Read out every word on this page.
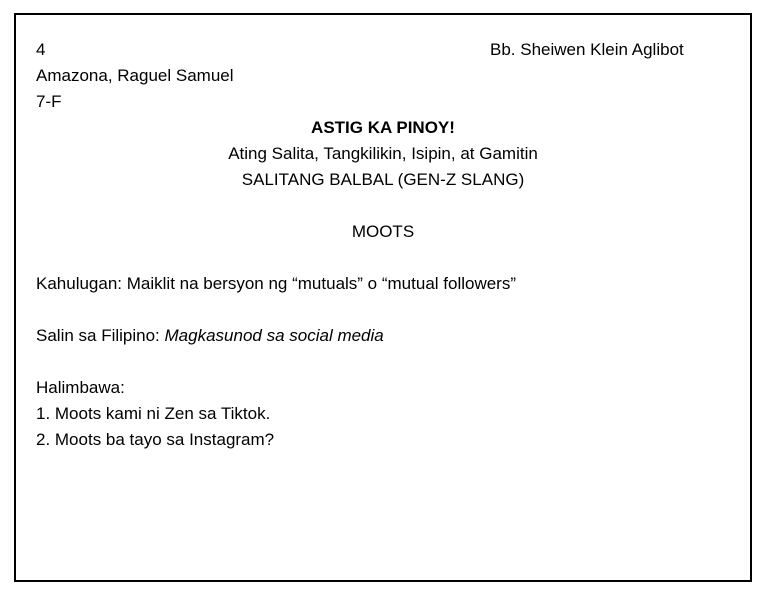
4	Bb. Sheiwen Klein Aglibot
Amazona, Raguel Samuel
7-F
ASTIG KA PINOY!
Ating Salita, Tangkilikin, Isipin, at Gamitin
SALITANG BALBAL (GEN-Z SLANG)
MOOTS
Kahulugan: Maiklit na bersyon ng “mutuals” o “mutual followers”
Salin sa Filipino: Magkasunod sa social media
Halimbawa:
1. Moots kami ni Zen sa Tiktok.
2. Moots ba tayo sa Instagram?
